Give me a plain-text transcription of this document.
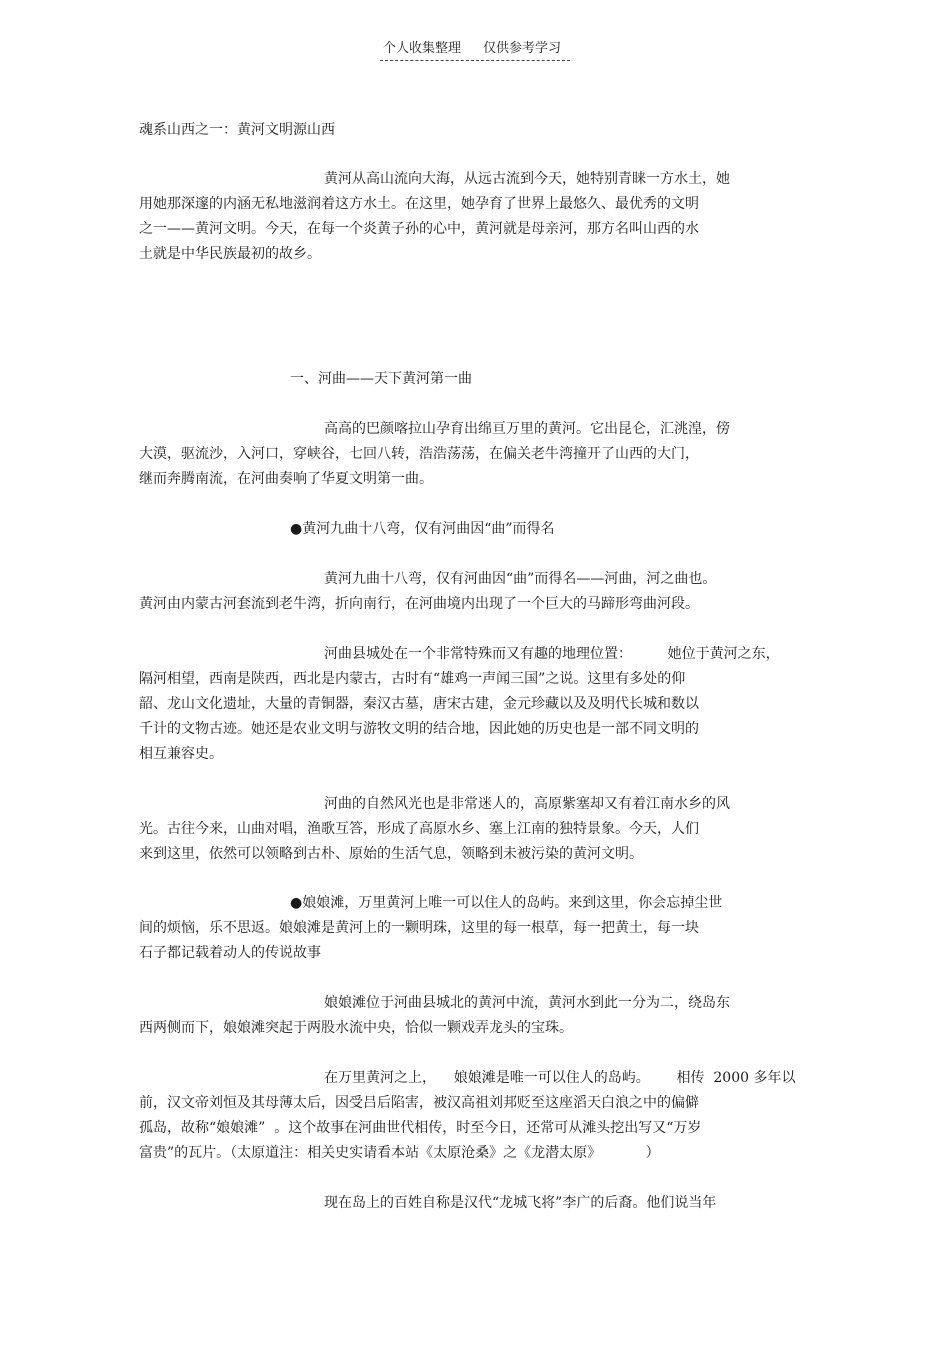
个人收集整理 仅供参考学习
魂系山西之一：黄河文明源山西
黄河从高山流向大海，从远古流到今天，她特别青睐一方水土，她
用她那深邃的内涵无私地滋润着这方水土。在这里，她孕育了世界上最悠久、最优秀的文明
之一——黄河文明。今天，在每一个炎黄子孙的心中，黄河就是母亲河，那方名叫山西的水
土就是中华民族最初的故乡。
一、河曲——天下黄河第一曲
高高的巴颜喀拉山孕育出绵亘万里的黄河。它出昆仑，汇洮湟，傍
大漠，驱流沙，入河口，穿峡谷，七回八转，浩浩荡荡，在偏关老牛湾撞开了山西的大门，
继而奔腾南流，在河曲奏响了华夏文明第一曲。
●黄河九曲十八弯，仅有河曲因“曲”而得名
黄河九曲十八弯，仅有河曲因“曲”而得名——河曲，河之曲也。
黄河由内蒙古河套流到老牛湾，折向南行，在河曲境内出现了一个巨大的马蹄形弯曲河段。
河曲县城处在一个非常特殊而又有趣的地理位置：        她位于黄河之东，
隔河相望，西南是陕西，西北是内蒙古，古时有“雄鸡一声闻三国”之说。这里有多处的仰
韶、龙山文化遗址，大量的青铜器，秦汉古墓，唐宋古建，金元珍藏以及及明代长城和数以
千计的文物古迹。她还是农业文明与游牧文明的结合地，因此她的历史也是一部不同文明的
相互兼容史。
河曲的自然风光也是非常迷人的，高原紫塞却又有着江南水乡的风
光。古往今来，山曲对唱，渔歌互答，形成了高原水乡、塞上江南的独特景象。今天，人们
来到这里，依然可以领略到古朴、原始的生活气息，领略到未被污染的黄河文明。
●娘娘滩，万里黄河上唯一可以住人的岛屿。来到这里，你会忘掉尘世
间的烦恼，乐不思返。娘娘滩是黄河上的一颗明珠，这里的每一根草，每一把黄土，每一块
石子都记载着动人的传说故事
娘娘滩位于河曲县城北的黄河中流，黄河水到此一分为二，绕岛东
西两侧而下，娘娘滩突起于两股水流中央，恰似一颗戏弄龙头的宝珠。
在万里黄河之上，    娘娘滩是唯一可以住人的岛屿。      相传  2000 多年以
前，汉文帝刘恒及其母薄太后，因受吕后陷害，被汉高祖刘邦贬至这座滔天白浪之中的偏僻
孤岛，故称“娘娘滩”  。这个故事在河曲世代相传，时至今日，还常可从滩头挖出写又“万岁
富贵”的瓦片。（太原道注：相关史实请看本站《太原沧桑》之《龙潜太原》          ）
现在岛上的百姓自称是汉代“龙城飞将”李广的后裔。他们说当年
